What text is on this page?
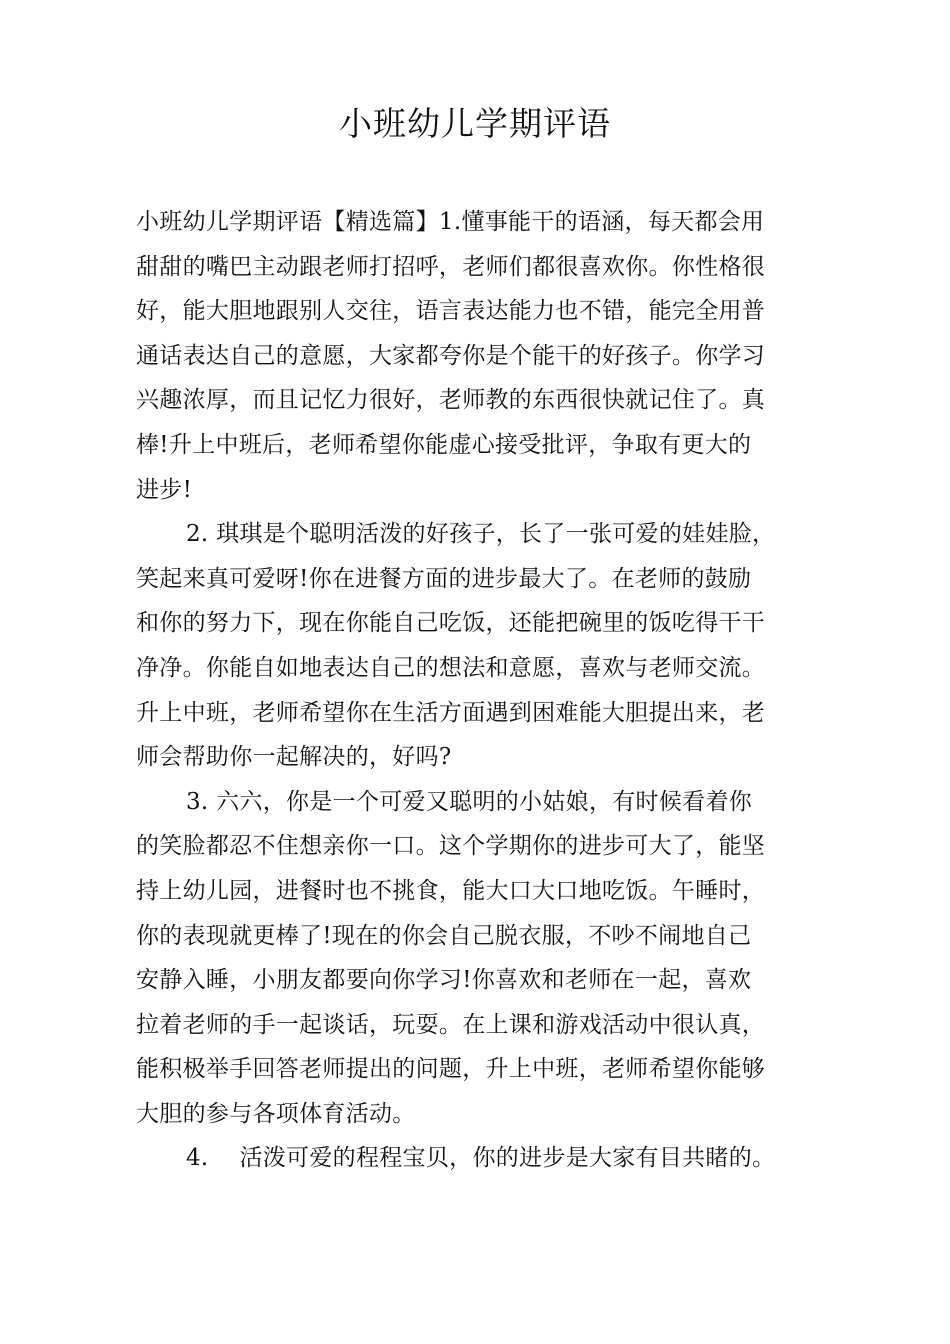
小班幼儿学期评语
小班幼儿学期评语【精选篇】1.懂事能干的语涵，每天都会用
甜甜的嘴巴主动跟老师打招呼，老师们都很喜欢你。你性格很
好，能大胆地跟别人交往，语言表达能力也不错，能完全用普
通话表达自己的意愿，大家都夸你是个能干的好孩子。你学习
兴趣浓厚，而且记忆力很好，老师教的东西很快就记住了。真
棒!升上中班后，老师希望你能虚心接受批评，争取有更大的
进步!
2. 琪琪是个聪明活泼的好孩子，长了一张可爱的娃娃脸，
笑起来真可爱呀!你在进餐方面的进步最大了。在老师的鼓励
和你的努力下，现在你能自己吃饭，还能把碗里的饭吃得干干
净净。你能自如地表达自己的想法和意愿，喜欢与老师交流。
升上中班，老师希望你在生活方面遇到困难能大胆提出来，老
师会帮助你一起解决的，好吗?
3. 六六，你是一个可爱又聪明的小姑娘，有时候看着你
的笑脸都忍不住想亲你一口。这个学期你的进步可大了，能坚
持上幼儿园，进餐时也不挑食，能大口大口地吃饭。午睡时，
你的表现就更棒了!现在的你会自己脱衣服，不吵不闹地自己
安静入睡，小朋友都要向你学习!你喜欢和老师在一起，喜欢
拉着老师的手一起谈话，玩耍。在上课和游戏活动中很认真，
能积极举手回答老师提出的问题，升上中班，老师希望你能够
大胆的参与各项体育活动。
4.　 活泼可爱的程程宝贝，你的进步是大家有目共睹的。
